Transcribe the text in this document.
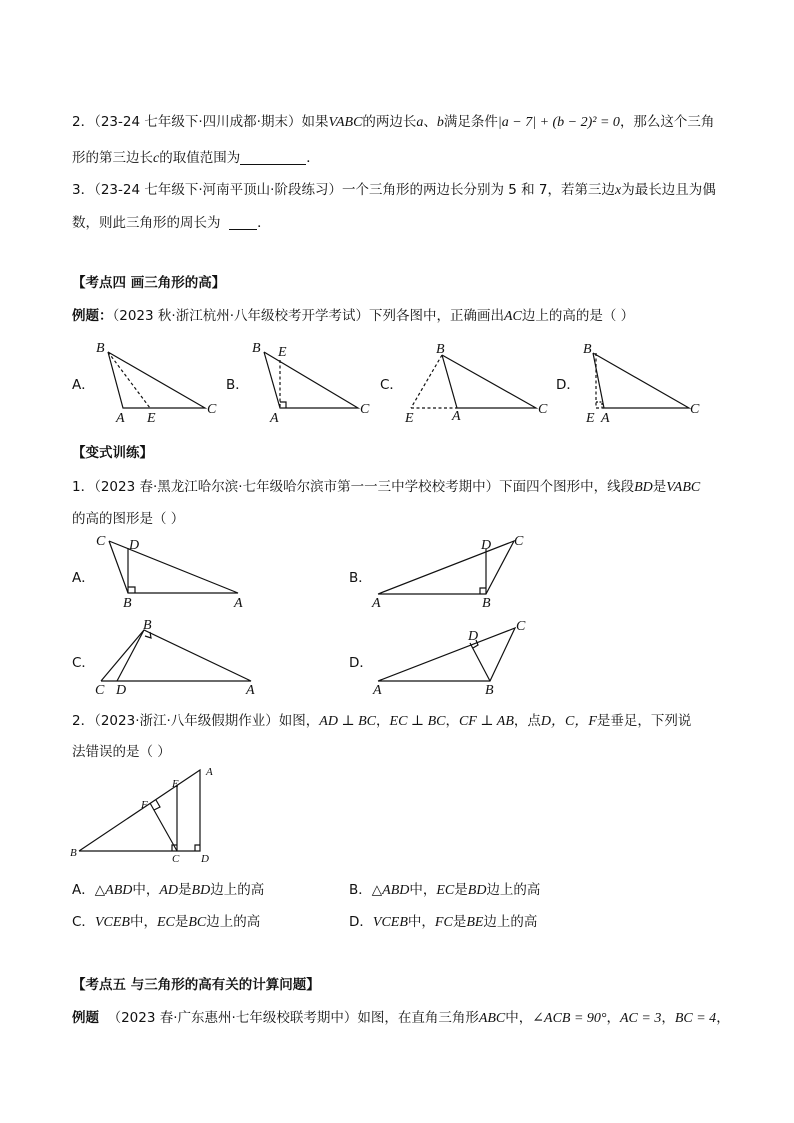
2．（23-24 七年级下·四川成都·期末）如果VABC的两边长a、b满足条件|a − 7| + (b − 2)² = 0，那么这个三角
形的第三边长c的取值范围为	．
3．（23-24 七年级下·河南平顶山·阶段练习）一个三角形的两边长分别为 5 和 7，若第三边x为最长边且为偶
数，则此三角形的周长为	．
【考点四 画三角形的高】
例题：（2023 秋·浙江杭州·八年级校考开学考试）下列各图中，正确画出AC边上的高的是（ ）
A．	B．	C．	D．
B
A E
C
B E
A
C
B
E	A	C
B
E A
C
C D
B	A	A	B
D C
B
C D	A
D
C
A	B
A
E
F
B	C D
【变式训练】
1．（2023 春·黑龙江哈尔滨·七年级哈尔滨市第一一三中学校校考期中）下面四个图形中，线段BD是VABC
的高的图形是（ ）
A．	B．
C．	D．
2．（2023·浙江·八年级假期作业）如图，AD ⊥ BC，EC ⊥ BC，CF ⊥ AB，点D，C，F是垂足，下列说
法错误的是（ ）
A．△ABD中，AD是BD边上的高	B．△ABD中，EC是BD边上的高
C．VCEB中，EC是BC边上的高	D．VCEB中，FC是BE边上的高
【考点五 与三角形的高有关的计算问题】
例题 （2023 春·广东惠州·七年级校联考期中）如图，在直角三角形ABC中，∠ACB = 90°，AC = 3，BC = 4，
